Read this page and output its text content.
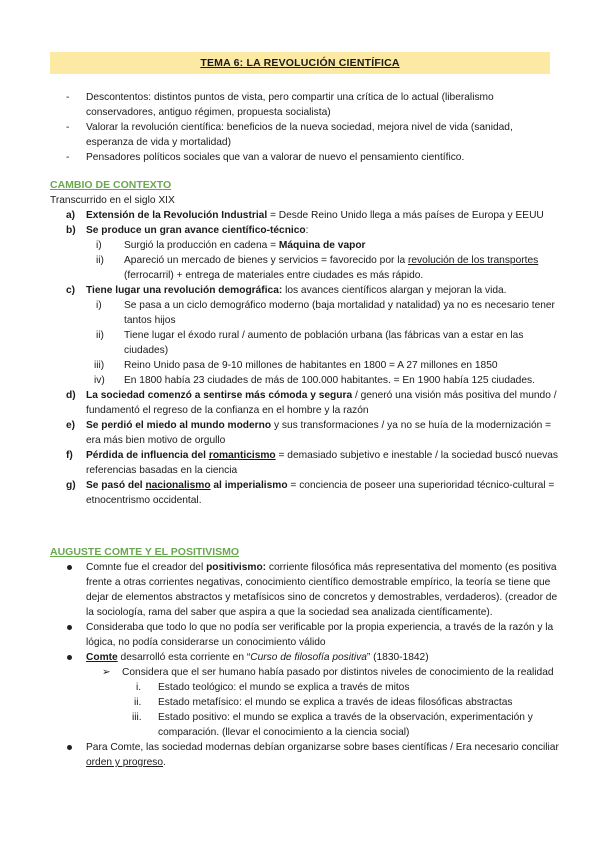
TEMA 6: LA REVOLUCIÓN CIENTÍFICA
- Descontentos: distintos puntos de vista, pero compartir una crítica de lo actual (liberalismo conservadores, antiguo régimen, propuesta socialista)
- Valorar la revolución científica: beneficios de la nueva sociedad, mejora nivel de vida (sanidad, esperanza de vida y mortalidad)
- Pensadores políticos sociales que van a valorar de nuevo el pensamiento científico.
CAMBIO DE CONTEXTO
Transcurrido en el siglo XIX
a) Extensión de la Revolución Industrial = Desde Reino Unido llega a más países de Europa y EEUU
b) Se produce un gran avance científico-técnico:
i) Surgió la producción en cadena = Máquina de vapor
ii) Apareció un mercado de bienes y servicios = favorecido por la revolución de los transportes (ferrocarril) + entrega de materiales entre ciudades es más rápido.
c) Tiene lugar una revolución demográfica: los avances científicos alargan y mejoran la vida.
i) Se pasa a un ciclo demográfico moderno (baja mortalidad y natalidad) ya no es necesario tener tantos hijos
ii) Tiene lugar el éxodo rural / aumento de población urbana (las fábricas van a estar en las ciudades)
iii) Reino Unido pasa de 9-10 millones de habitantes en 1800 = A 27 millones en 1850
iv) En 1800 había 23 ciudades de más de 100.000 habitantes. = En 1900 había 125 ciudades.
d) La sociedad comenzó a sentirse más cómoda y segura / generó una visión más positiva del mundo / fundamentó el regreso de la confianza en el hombre y la razón
e) Se perdió el miedo al mundo moderno y sus transformaciones / ya no se huía de la modernización = era más bien motivo de orgullo
f) Pérdida de influencia del romanticismo = demasiado subjetivo e inestable / la sociedad buscó nuevas referencias basadas en la ciencia
g) Se pasó del nacionalismo al imperialismo = conciencia de poseer una superioridad técnico-cultural = etnocentrismo occidental.
AUGUSTE COMTE Y EL POSITIVISMO
Comnte fue el creador del positivismo: corriente filosófica más representativa del momento (es positiva frente a otras corrientes negativas, conocimiento científico demostrable empírico, la teoría se tiene que dejar de elementos abstractos y metafísicos sino de concretos y demostrables, verdaderos). (creador de la sociología, rama del saber que aspira a que la sociedad sea analizada científicamente).
Consideraba que todo lo que no podía ser verificable por la propia experiencia, a través de la razón y la lógica, no podía considerarse un conocimiento válido
Comte desarrolló esta corriente en “Curso de filosofía positiva” (1830-1842)
➢ Considera que el ser humano había pasado por distintos niveles de conocimiento de la realidad
i. Estado teológico: el mundo se explica a través de mitos
ii. Estado metafísico: el mundo se explica a través de ideas filosóficas abstractas
iii. Estado positivo: el mundo se explica a través de la observación, experimentación y comparación. (llevar el conocimiento a la ciencia social)
Para Comte, las sociedad modernas debían organizarse sobre bases científicas / Era necesario conciliar orden y progreso.
